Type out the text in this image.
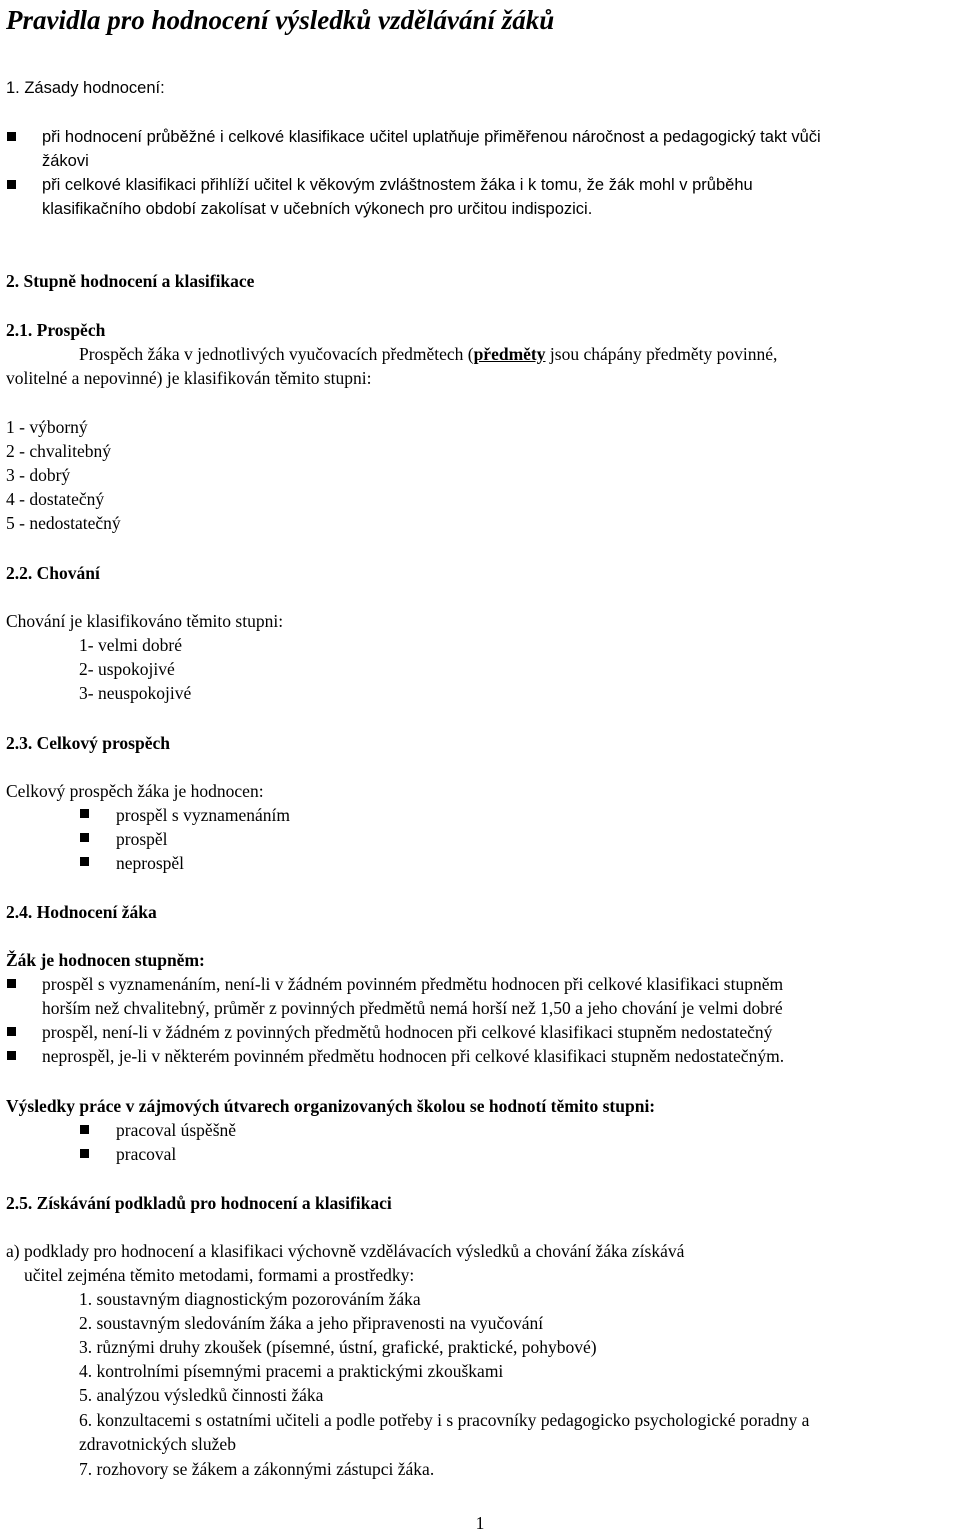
Pravidla pro hodnocení výsledků vzdělávání žáků
1. Zásady hodnocení:
při hodnocení průběžné i celkové klasifikace učitel uplatňuje přiměřenou náročnost a pedagogický takt vůči
žákovi
při celkové klasifikaci přihlíží učitel k věkovým zvláštnostem žáka i k tomu, že žák mohl v průběhu
klasifikačního období zakolísat v učebních výkonech pro určitou indispozici.
2. Stupně hodnocení a klasifikace
2.1. Prospěch
Prospěch žáka v jednotlivých vyučovacích předmětech (předměty jsou chápány předměty povinné,
volitelné a nepovinné) je klasifikován těmito stupni:
1 - výborný
2 - chvalitebný
3 - dobrý
4 - dostatečný
5 - nedostatečný
2.2. Chování
Chování je klasifikováno těmito stupni:
1- velmi dobré
2- uspokojivé
3- neuspokojivé
2.3. Celkový prospěch
Celkový prospěch žáka je hodnocen:
prospěl s vyznamenáním
prospěl
neprospěl
2.4. Hodnocení žáka
Žák je hodnocen stupněm:
prospěl s vyznamenáním, není-li v žádném povinném předmětu hodnocen při celkové klasifikaci stupněm
horším než chvalitebný, průměr z povinných předmětů nemá horší než 1,50 a jeho chování je velmi dobré
prospěl, není-li v žádném z povinných předmětů hodnocen při celkové klasifikaci stupněm nedostatečný
neprospěl, je-li v některém povinném předmětu hodnocen při celkové klasifikaci stupněm nedostatečným.
Výsledky práce v zájmových útvarech organizovaných školou se hodnotí těmito stupni:
pracoval úspěšně
pracoval
2.5. Získávání podkladů pro hodnocení a klasifikaci
a) podklady pro hodnocení a klasifikaci výchovně vzdělávacích výsledků a chování žáka získává
učitel zejména těmito metodami, formami a prostředky:
1. soustavným diagnostickým pozorováním žáka
2. soustavným sledováním žáka a jeho připravenosti na vyučování
3. různými druhy zkoušek (písemné, ústní, grafické, praktické, pohybové)
4. kontrolními písemnými pracemi a praktickými zkouškami
5. analýzou výsledků činnosti žáka
6. konzultacemi s ostatními učiteli a podle potřeby i s pracovníky pedagogicko psychologické poradny a
zdravotnických služeb
7. rozhovory se žákem a zákonnými zástupci žáka.
1
